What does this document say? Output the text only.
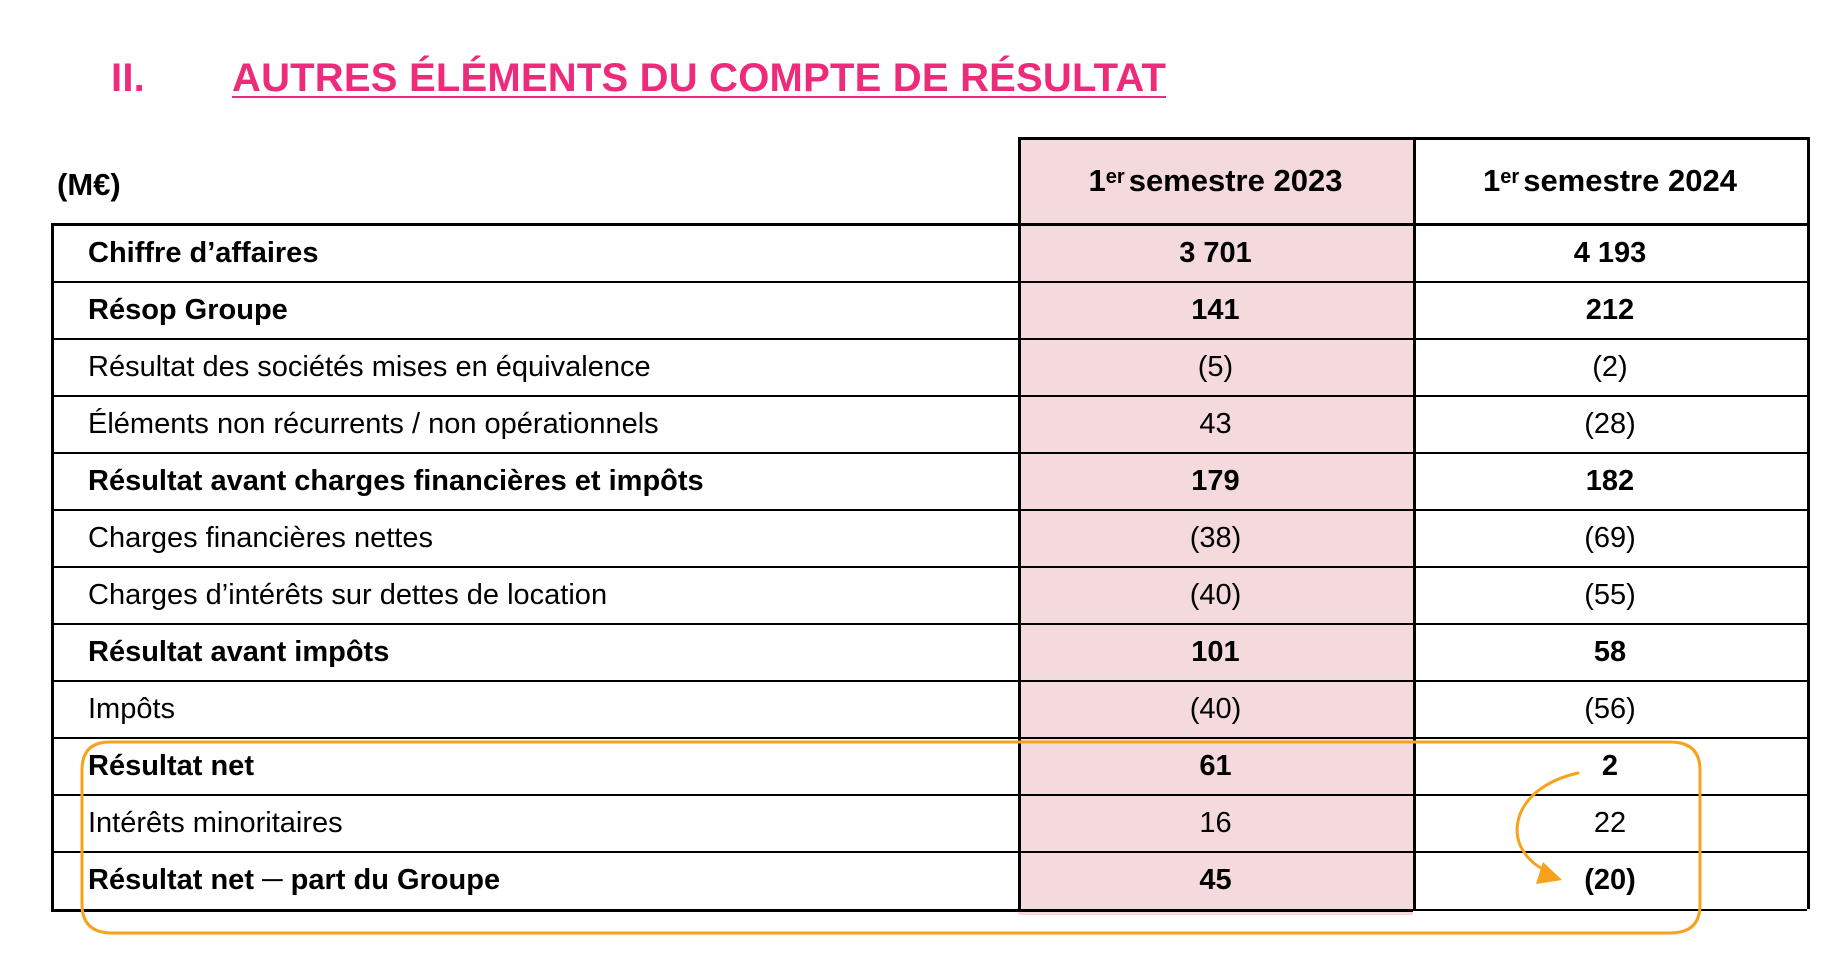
II.	AUTRES ÉLÉMENTS DU COMPTE DE RÉSULTAT
(M€)	1er semestre 2023	1er semestre 2024
Chiffre d’affaires	3 701	4 193
Résop Groupe	141	212
Résultat des sociétés mises en équivalence	(5)	(2)
Éléments non récurrents / non opérationnels	43	(28)
Résultat avant charges financières et impôts	179	182
Charges financières nettes	(38)	(69)
Charges d’intérêts sur dettes de location	(40)	(55)
Résultat avant impôts	101	58
Impôts	(40)	(56)
Résultat net	61	2
Intérêts minoritaires	16	22
Résultat net ─ part du Groupe	45	(20)
